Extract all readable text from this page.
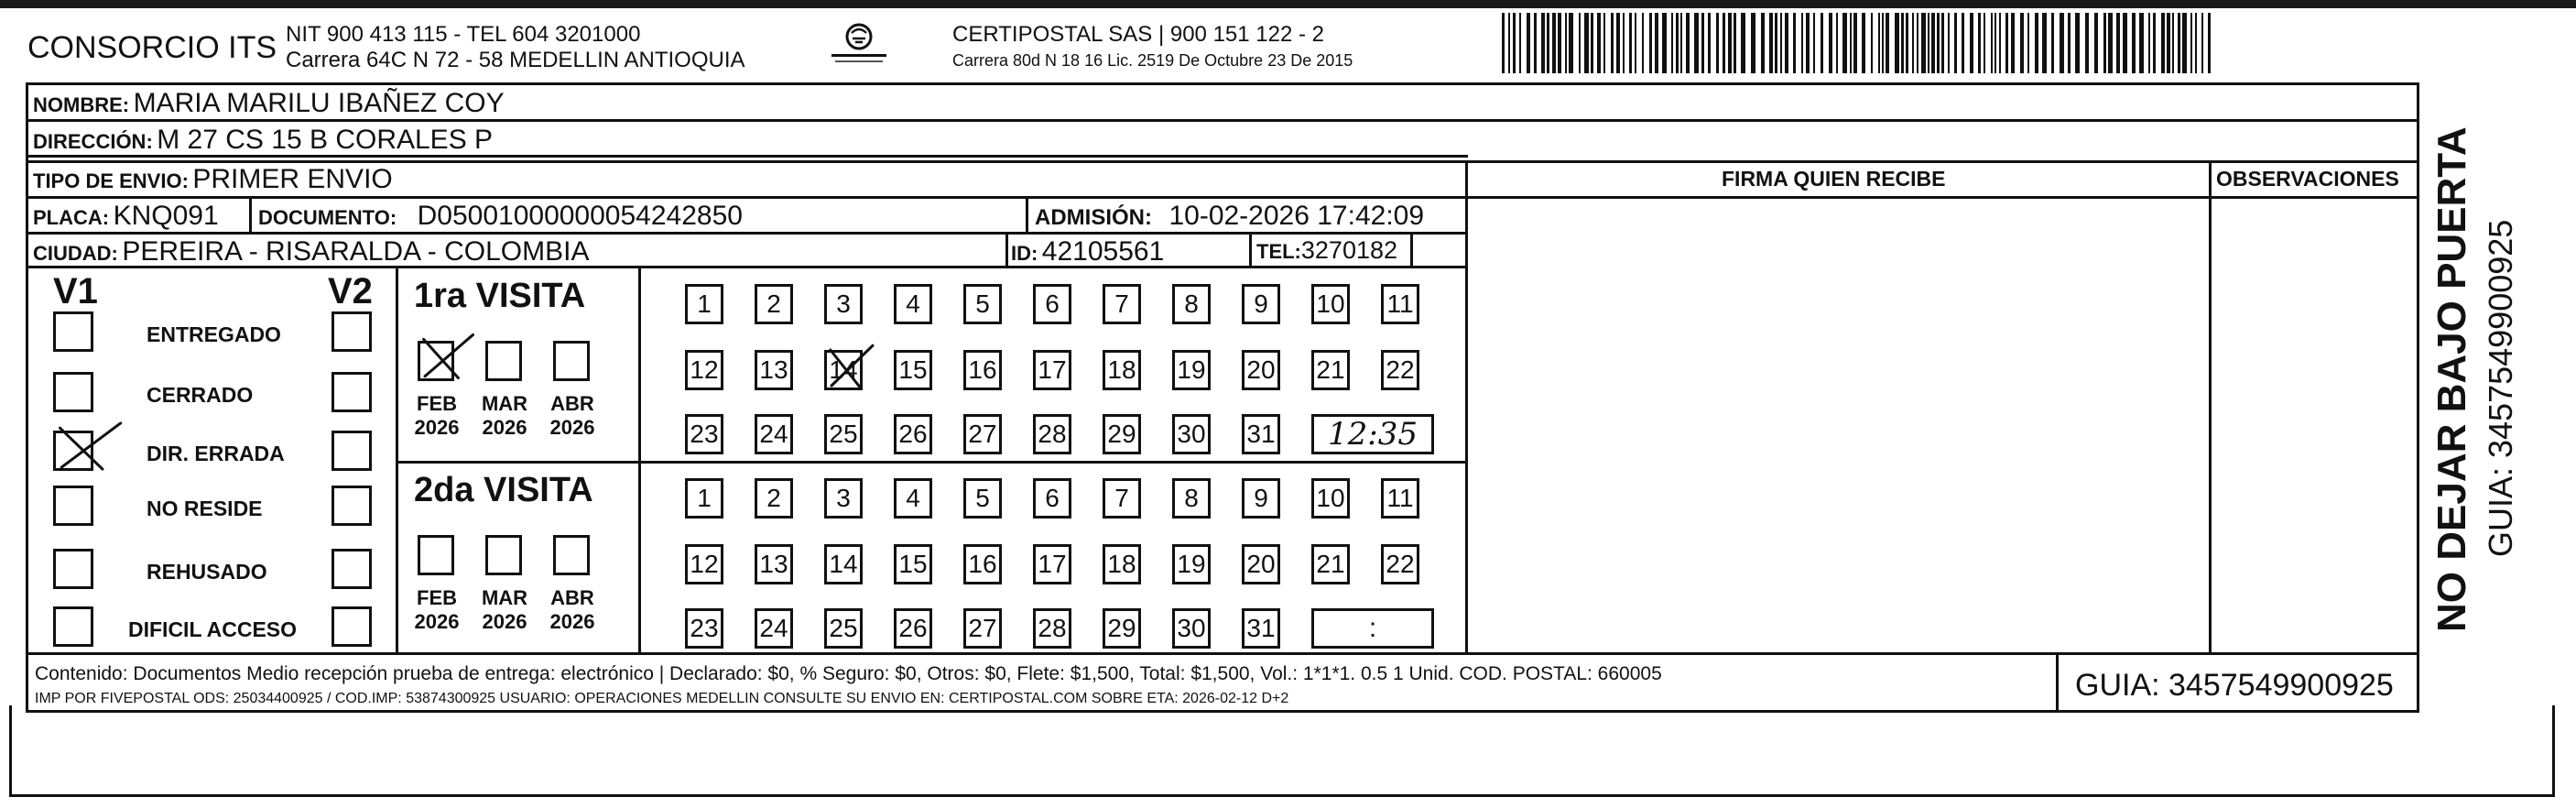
CONSORCIO ITS NIT 900 413 115 - TEL 604 3201000
Carrera 64C N 72 - 58 MEDELLIN ANTIOQUIA
CERTIPOSTAL SAS | 900 151 122 - 2
Carrera 80d N 18 16 Lic. 2519 De Octubre 23 De 2015
NOMBRE: MARIA MARILU IBAÑEZ COY
DIRECCIÓN: M 27 CS 15 B CORALES P
TIPO DE ENVIO: PRIMER ENVIO
PLACA: KNQ091 DOCUMENTO: D05001000000054242850	ADMISIÓN: 10-02-2026 17:42:09
CIUDAD: PEREIRA - RISARALDA - COLOMBIA	ID: 42105561	TEL:3270182
FIRMA QUIEN RECIBE	OBSERVACIONES
V1	V2
ENTREGADO
CERRADO
DIR. ERRADA
NO RESIDE
REHUSADO
DIFICIL ACCESO
1ra VISITA
FEB
2026
MAR
2026
ABR
2026
1	2	3	4	5	6	7	8	9	10 11
12 13 14 15 16 17 18 19 20 21 22
23 24 25 26 27 28 29 30 31	12:35
2da VISITA
FEB
2026
MAR
2026
ABR
2026
1	2	3	4	5	6	7	8	9	10 11
12 13 14 15 16 17 18 19 20 21 22
23 24 25 26 27 28 29 30 31	:
Contenido: Documentos Medio recepción prueba de entrega: electrónico | Declarado: $0, % Seguro: $0, Otros: $0, Flete: $1,500, Total: $1,500, Vol.: 1*1*1. 0.5 1 Unid. COD. POSTAL: 660005
IMP POR FIVEPOSTAL ODS: 25034400925 / COD.IMP: 53874300925 USUARIO: OPERACIONES MEDELLIN CONSULTE SU ENVIO EN: CERTIPOSTAL.COM SOBRE ETA: 2026-02-12 D+2	GUIA: 3457549900925
NO DEJAR BAJO PUERTA GUIA: 3457549900925
